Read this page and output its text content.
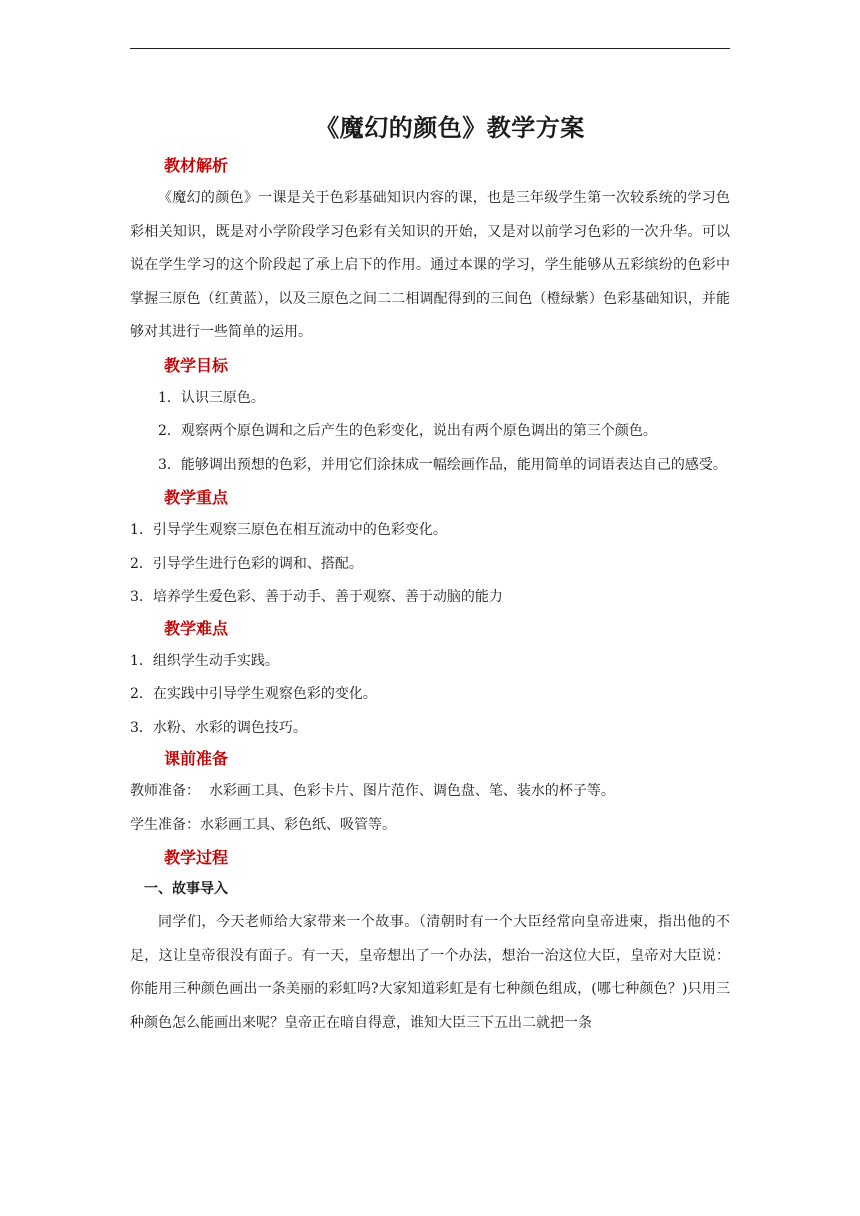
《魔幻的颜色》教学方案
教材解析

《魔幻的颜色》一课是关于色彩基础知识内容的课，也是三年级学生第一次较系统的学习色彩相关知识，既是对小学阶段学习色彩有关知识的开始，又是对以前学习色彩的一次升华。可以说在学生学习的这个阶段起了承上启下的作用。通过本课的学习，学生能够从五彩缤纷的色彩中掌握三原色（红黄蓝），以及三原色之间二二相调配得到的三间色（橙绿紫）色彩基础知识，并能够对其进行一些简单的运用。

教学目标

1．认识三原色。

2．观察两个原色调和之后产生的色彩变化，说出有两个原色调出的第三个颜色。

3．能够调出预想的色彩，并用它们涂抹成一幅绘画作品，能用简单的词语表达自己的感受。

教学重点

1．引导学生观察三原色在相互流动中的色彩变化。

2．引导学生进行色彩的调和、搭配。

3．培养学生爱色彩、善于动手、善于观察、善于动脑的能力

教学难点

1．组织学生动手实践。

2．在实践中引导学生观察色彩的变化。

3．水粉、水彩的调色技巧。

课前准备

教师准备：  水彩画工具、色彩卡片、图片范作、调色盘、笔、装水的杯子等。

学生准备：水彩画工具、彩色纸、吸管等。

教学过程
一、故事导入

同学们，今天老师给大家带来一个故事。（清朝时有一个大臣经常向皇帝进柬，指出他的不足，这让皇帝很没有面子。有一天，皇帝想出了一个办法，想治一治这位大臣，皇帝对大臣说：你能用三种颜色画出一条美丽的彩虹吗?大家知道彩虹是有七种颜色组成，(哪七种颜色？)只用三种颜色怎么能画出来呢？皇帝正在暗自得意，谁知大臣三下五出二就把一条
